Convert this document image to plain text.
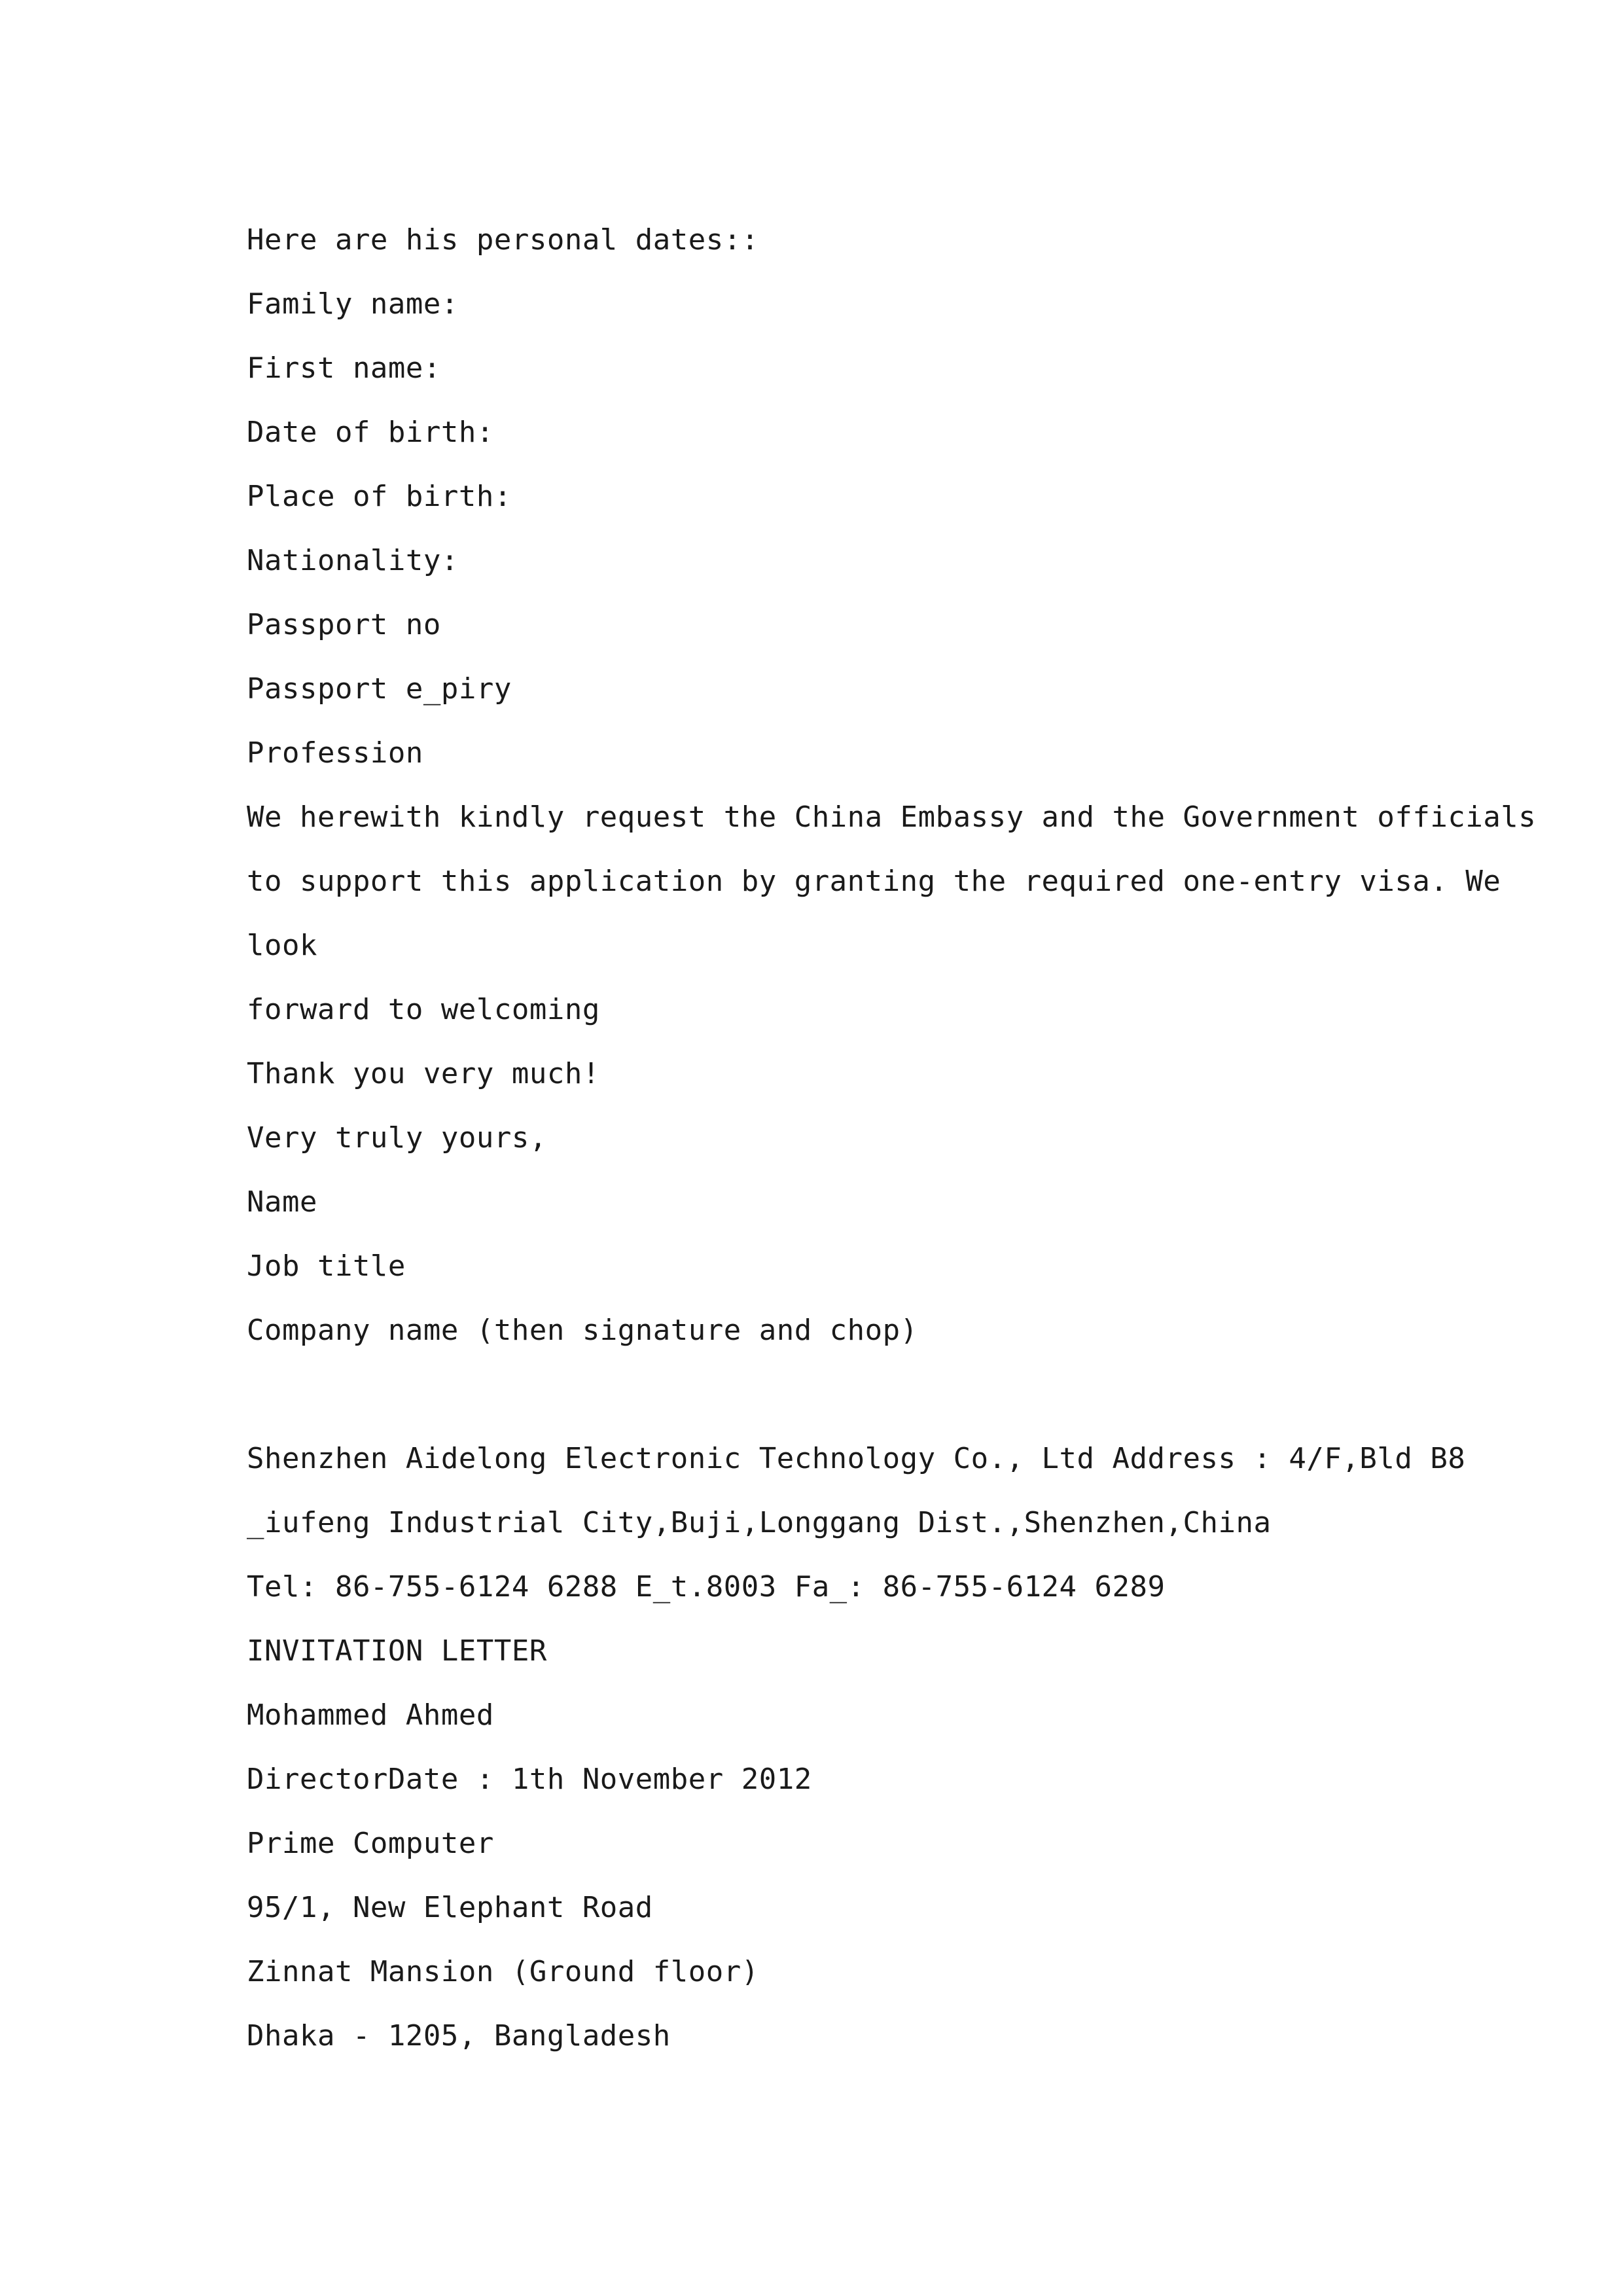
Here are his personal dates::
Family name:
First name:
Date of birth:
Place of birth:
Nationality:
Passport no
Passport e_piry
Profession
We herewith kindly request the China Embassy and the Government officials
to support this application by granting the required one-entry visa. We
look
forward to welcoming
Thank you very much!
Very truly yours,
Name
Job title
Company name (then signature and chop)
Shenzhen Aidelong Electronic Technology Co., Ltd Address : 4/F,Bld B8
_iufeng Industrial City,Buji,Longgang Dist.,Shenzhen,China
Tel: 86-755-6124 6288 E_t.8003 Fa_: 86-755-6124 6289
INVITATION LETTER
Mohammed Ahmed
DirectorDate : 1th November 2012
Prime Computer
95/1, New Elephant Road
Zinnat Mansion (Ground floor)
Dhaka - 1205, Bangladesh
